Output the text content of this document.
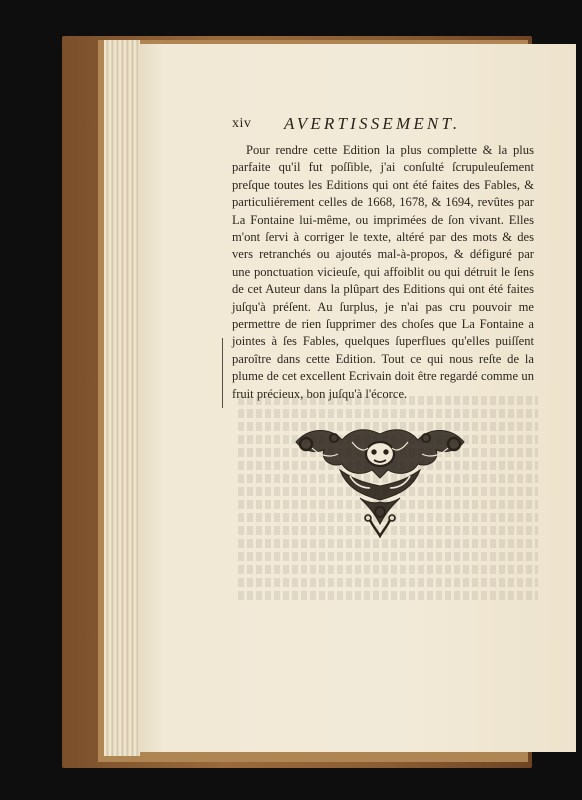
xiv AVERTISSEMENT.

Pour rendre cette Edition la plus complette & la plus parfaite qu'il fut poſſible, j'ai conſulté ſcrupuleuſement preſque toutes les Editions qui ont été faites des Fables, & particuliérement celles de 1668, 1678, & 1694, revûtes par La Fontaine lui-même, ou imprimées de ſon vivant. Elles m'ont ſervi à corriger le texte, altéré par des mots & des vers retranchés ou ajoutés mal-à-propos, & défiguré par une ponctuation vicieuſe, qui affoiblit ou qui détruit le ſens de cet Auteur dans la plûpart des Editions qui ont été faites juſqu'à préſent. Au ſurplus, je n'ai pas cru pouvoir me permettre de rien ſupprimer des choſes que La Fontaine a jointes à ſes Fables, quelques ſuperflues qu'elles puiſſent paroître dans cette Edition. Tout ce qui nous reſte de la plume de cet excellent Ecrivain doit être regardé comme un fruit précieux, bon juſqu'à l'écorce.
